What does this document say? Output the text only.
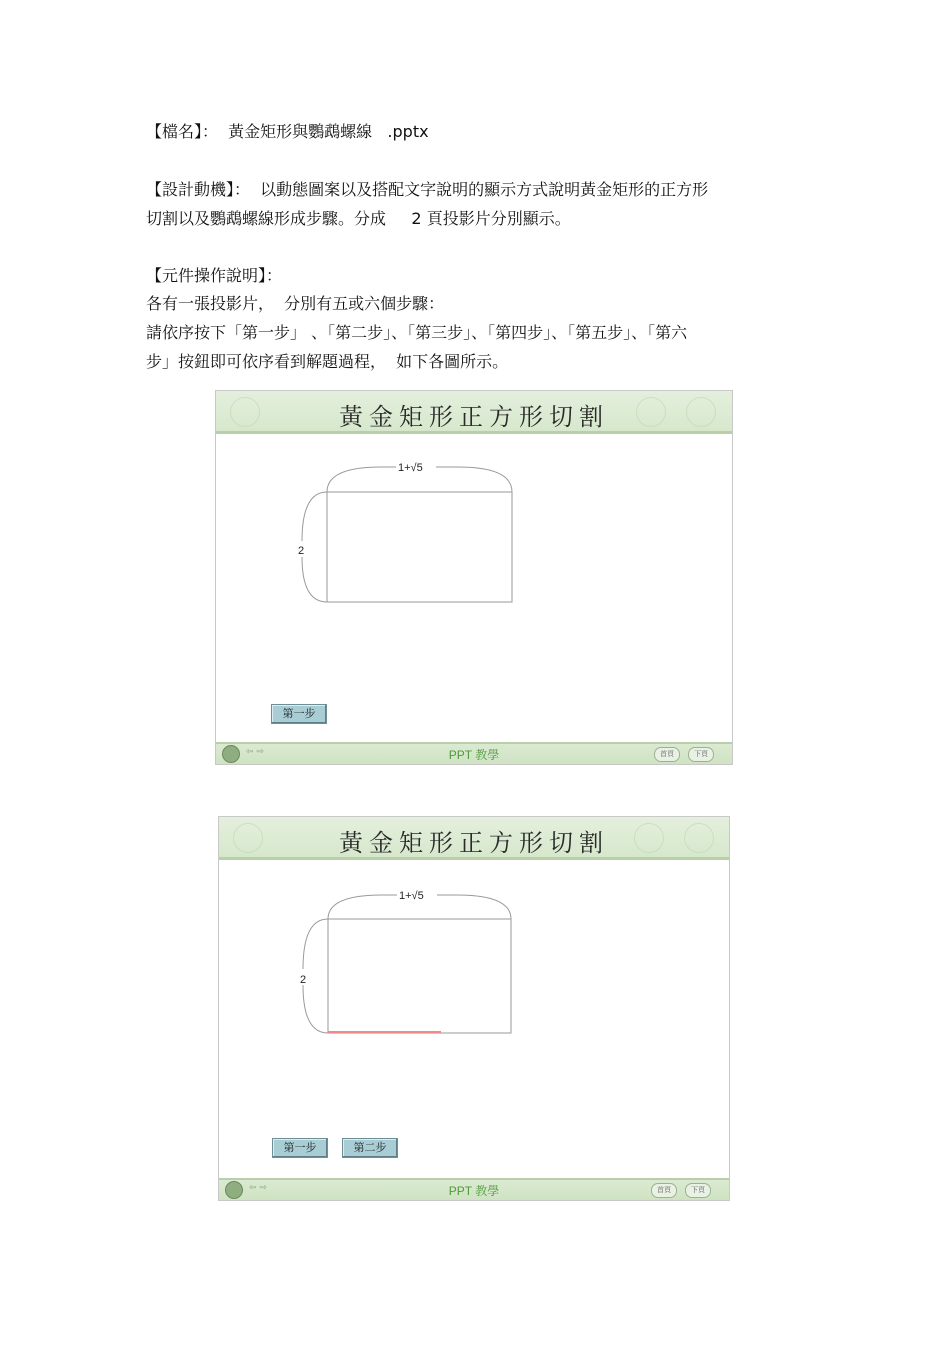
【檔名】：  黃金矩形與鸚鵡螺線   .pptx
【設計動機】：  以動態圖案以及搭配文字說明的顯示方式說明黃金矩形的正方形
切割以及鸚鵡螺線形成步驟。分成     2 頁投影片分別顯示。
【元件操作說明】：
各有一張投影片，  分別有五或六個步驟：
請依序按下「第一步」 、「第二步」、「第三步」、「第四步」、「第五步」、「第六
步」按鈕即可依序看到解題過程，  如下各圖所示。
黃金矩形正方形切割
1+√5
2
第一步
⇦ ⇨	PPT 教學	首頁	下頁
黃金矩形正方形切割
1+√5
2
第一步	第二步
⇦ ⇨	PPT 教學	首頁	下頁
